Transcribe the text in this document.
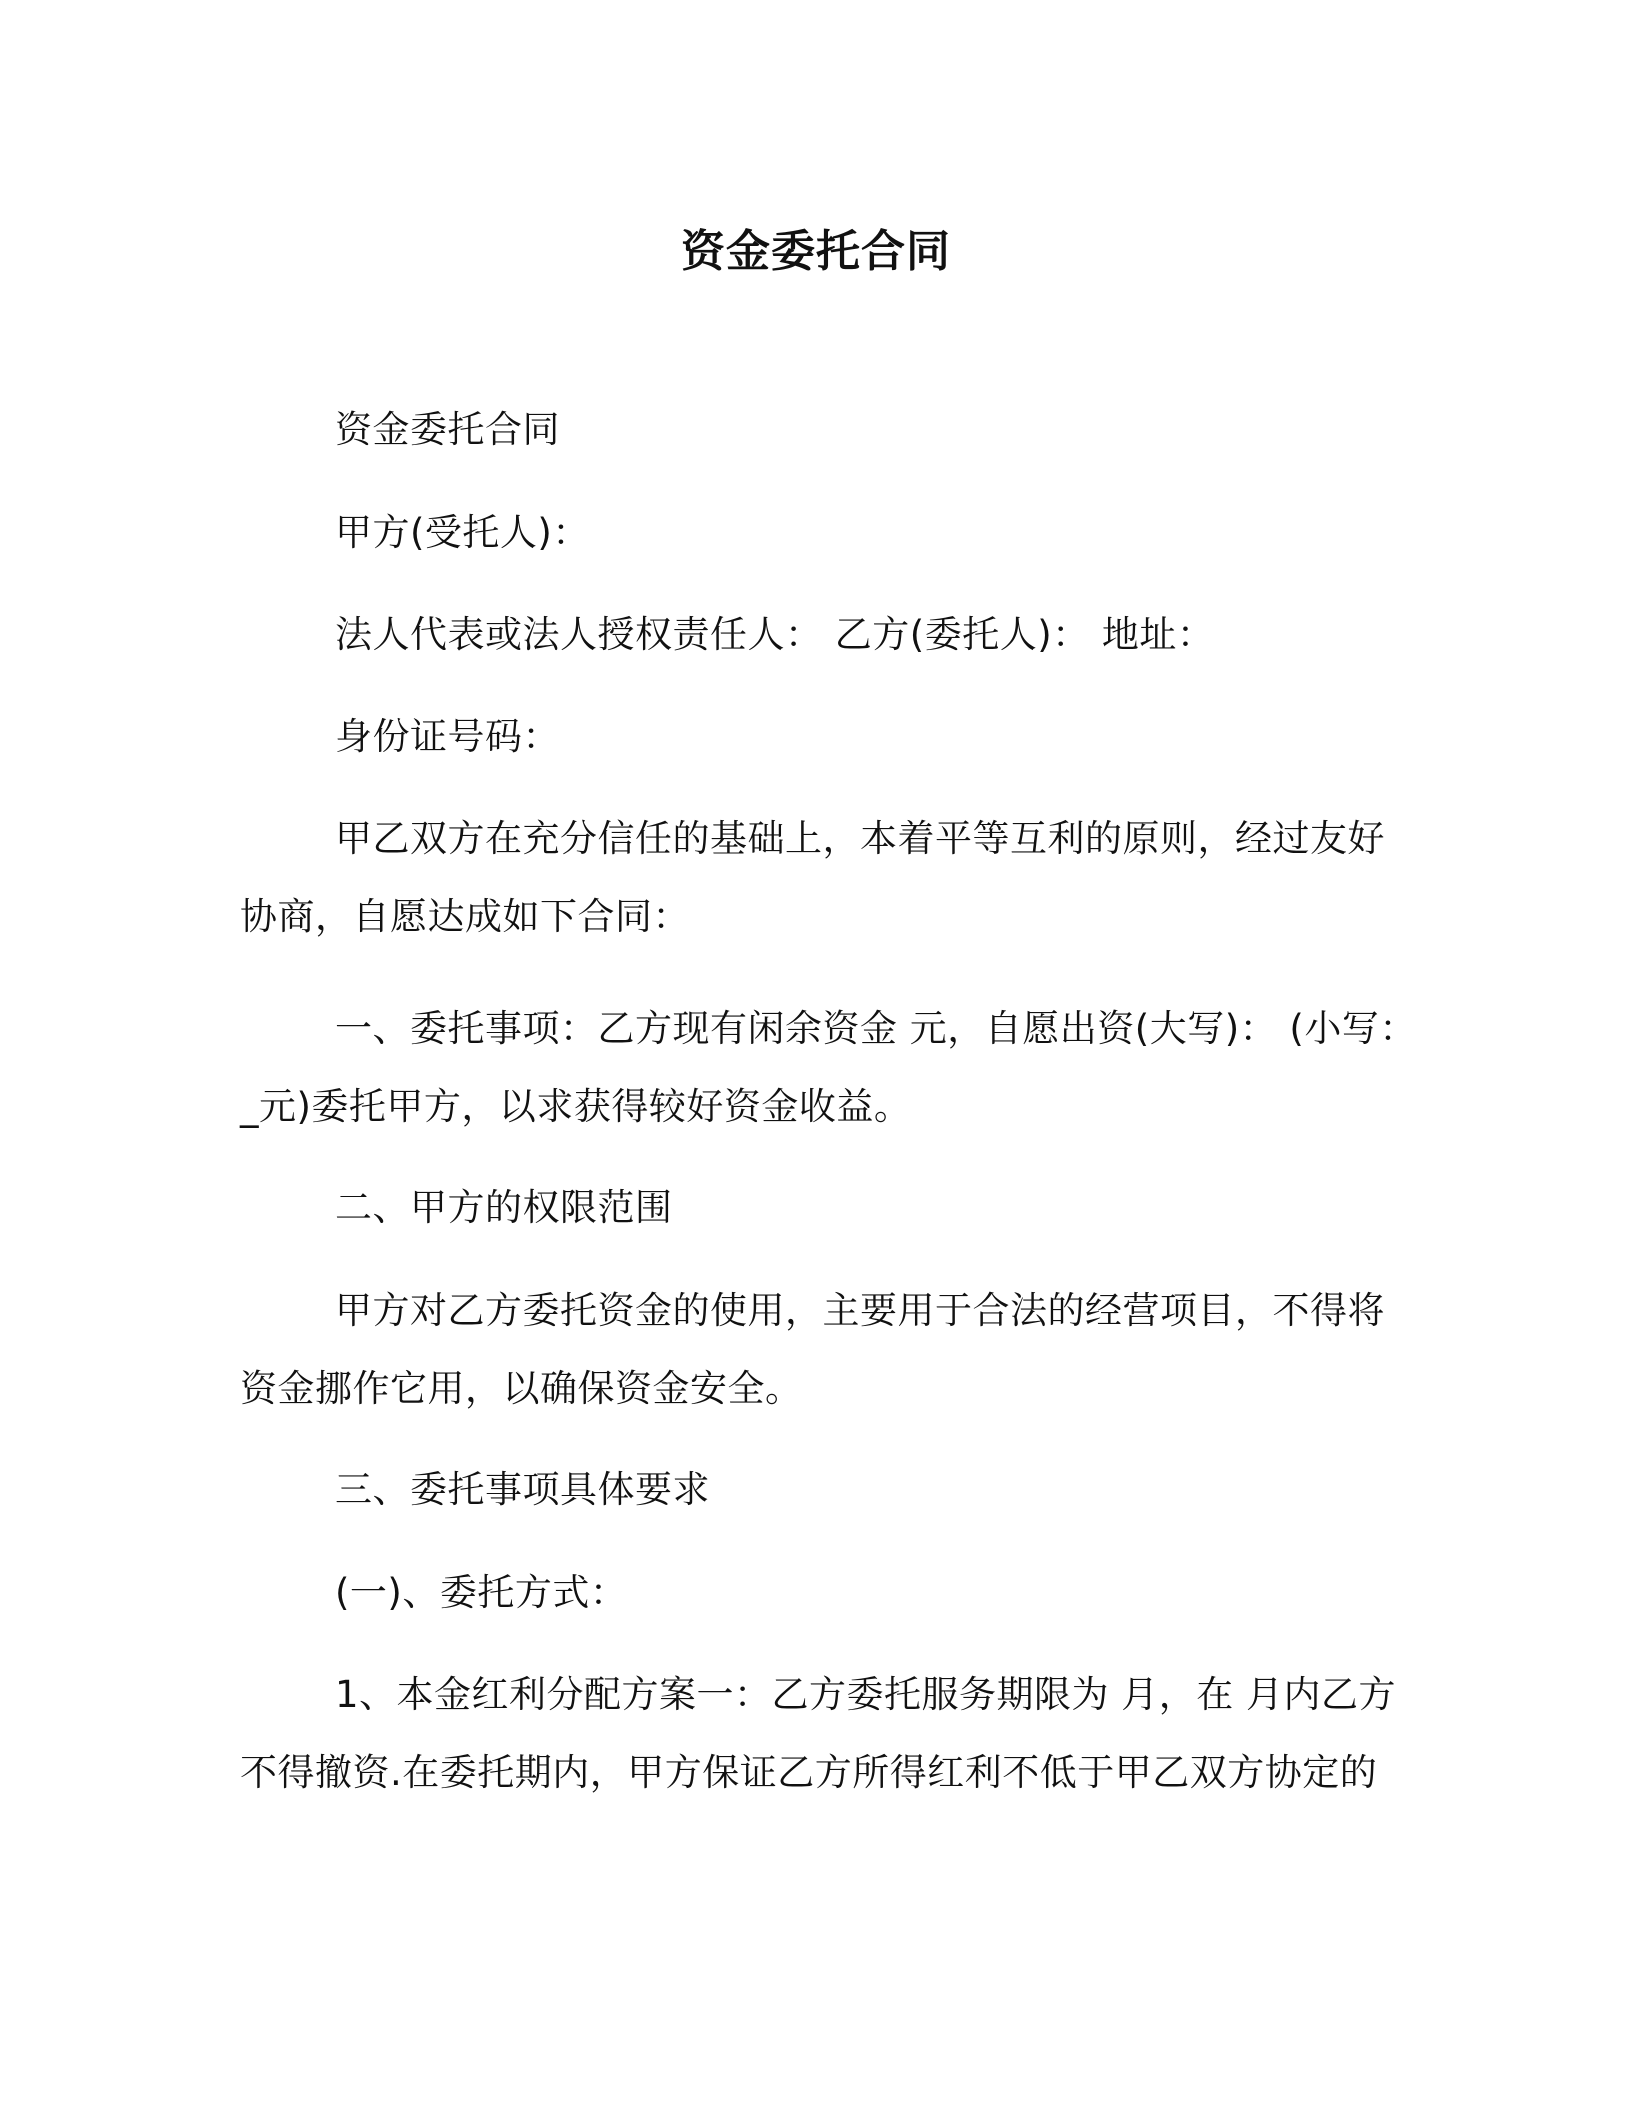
资金委托合同
资金委托合同
甲方(受托人)：
法人代表或法人授权责任人： 乙方(委托人)： 地址：
身份证号码：
甲乙双方在充分信任的基础上，本着平等互利的原则，经过友好
协商，自愿达成如下合同：
一、委托事项：乙方现有闲余资金 元，自愿出资(大写)： (小写：
_元)委托甲方，以求获得较好资金收益。
二、甲方的权限范围
甲方对乙方委托资金的使用，主要用于合法的经营项目，不得将
资金挪作它用，以确保资金安全。
三、委托事项具体要求
(一)、委托方式：
1、本金红利分配方案一：乙方委托服务期限为 月，在 月内乙方
不得撤资.在委托期内，甲方保证乙方所得红利不低于甲乙双方协定的
